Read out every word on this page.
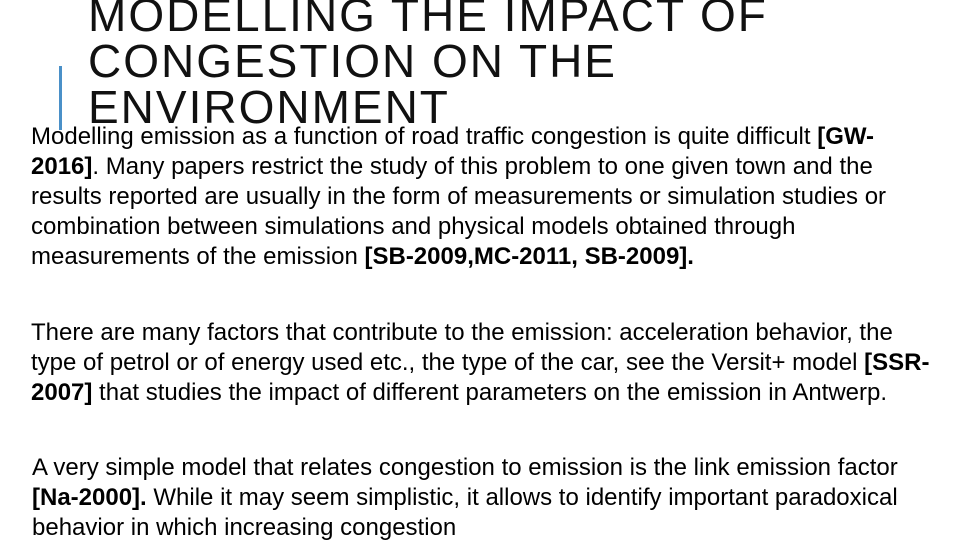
MODELLING THE IMPACT OF
CONGESTION ON THE
ENVIRONMENT

Modelling emission as a function of road traffic congestion is quite difficult [GW-2016]. Many papers restrict the study of this problem to one given town and the results reported are usually in the form of measurements or simulation studies or combination between simulations and physical models obtained through measurements of the emission [SB-2009,MC-2011, SB-2009].

There are many factors that contribute to the emission: acceleration behavior, the type of petrol or of energy used etc., the type of the car, see the Versit+ model [SSR-2007] that studies the impact of different parameters on the emission in Antwerp.

A very simple model that relates congestion to emission is the link emission factor [Na-2000]. While it may seem simplistic, it allows to identify important paradoxical behavior in which increasing congestion
